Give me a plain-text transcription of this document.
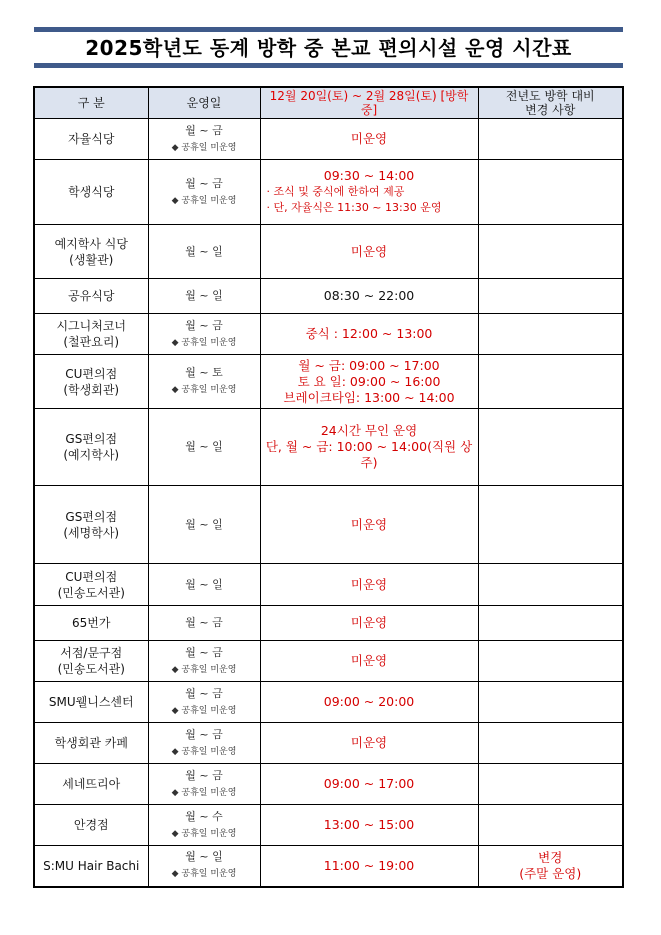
2025학년도 동계 방학 중 본교 편의시설 운영 시간표
구 분	운영일	12월 20일(토) ~ 2월 28일(토) [방학 중]	전년도 방학 대비
변경 사항

자율식당	월 ~ 금
◆ 공휴일 미운영	미운영	

학생식당	월 ~ 금
◆ 공휴일 미운영	09:30 ~ 14:00
· 조식 및 중식에 한하여 제공
· 단, 자율식은 11:30 ~ 13:30 운영	

예지학사 식당
(생활관)	월 ~ 일	미운영	

공유식당	월 ~ 일	08:30 ~ 22:00	

시그니처코너
(철판요리)	월 ~ 금
◆ 공휴일 미운영	중식 : 12:00 ~ 13:00	

CU편의점
(학생회관)	월 ~ 토
◆ 공휴일 미운영	월 ~ 금: 09:00 ~ 17:00
토 요 일: 09:00 ~ 16:00
브레이크타임: 13:00 ~ 14:00	

GS편의점
(예지학사)	월 ~ 일	24시간 무인 운영
단, 월 ~ 금: 10:00 ~ 14:00(직원 상주)	

GS편의점
(세명학사)	월 ~ 일	미운영	

CU편의점
(민송도서관)	월 ~ 일	미운영	

65번가	월 ~ 금	미운영	

서점/문구점
(민송도서관)	월 ~ 금
◆ 공휴일 미운영	미운영	

SMU웰니스센터	월 ~ 금
◆ 공휴일 미운영	09:00 ~ 20:00	

학생회관 카페	월 ~ 금
◆ 공휴일 미운영	미운영	

세네뜨리아	월 ~ 금
◆ 공휴일 미운영	09:00 ~ 17:00	

안경점	월 ~ 수
◆ 공휴일 미운영	13:00 ~ 15:00	

S:MU Hair Bachi	월 ~ 일
◆ 공휴일 미운영	11:00 ~ 19:00	변경
(주말 운영)
